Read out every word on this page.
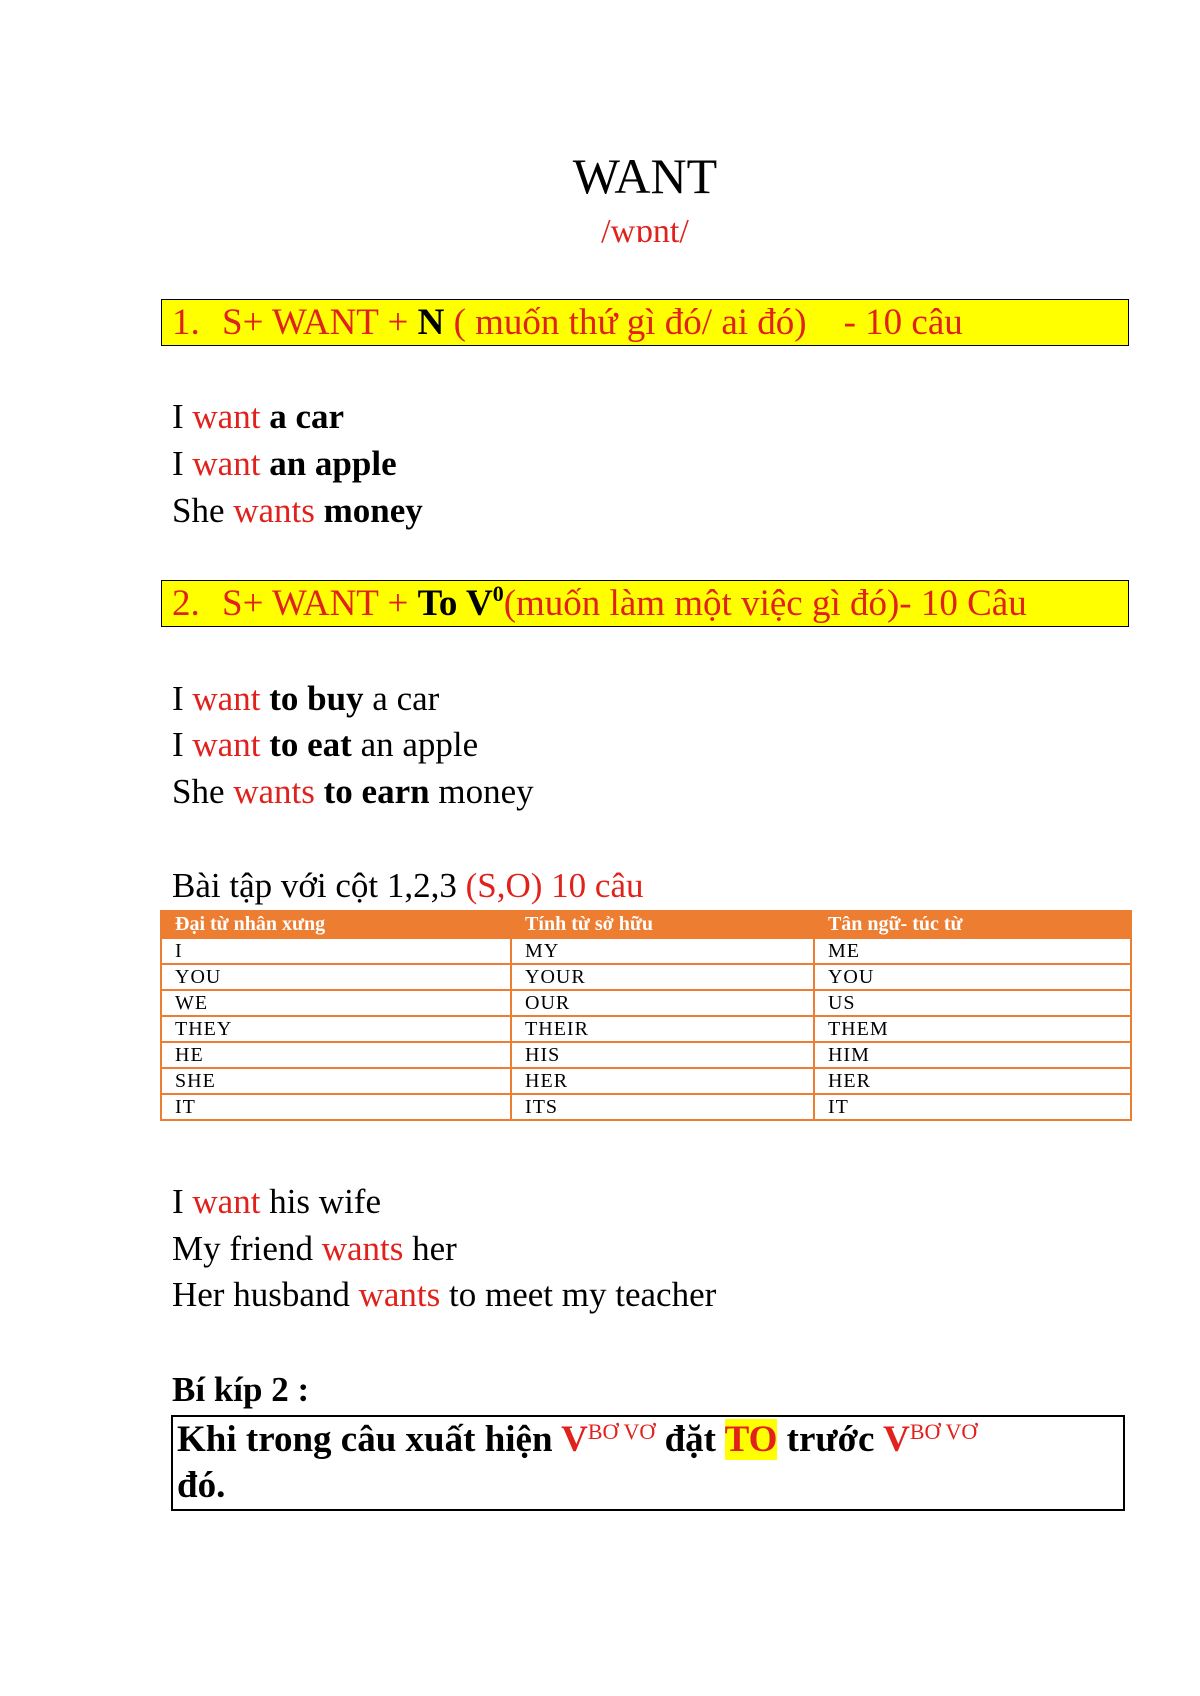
WANT
/wɒnt/
1. S+ WANT + N ( muốn thứ gì đó/ ai đó)    - 10 câu
I want a car
I want an apple
She wants money
2. S+ WANT + To $V^0(muốn$ làm một việc gì đó)- 10 Câu
I want to buy a car
I want to eat an apple
She wants to earn money
Bài tập với cột 1,2,3 (S,O) 10 câu
Đại từ nhân xưng	Tính từ sở hữu	Tân ngữ- túc từ
I	MY	ME
YOU	YOUR	YOU
WE	OUR	US
THEY	THEIR	THEM
HE	HIS	HIM
SHE	HER	HER
IT	ITS	IT
I want his wife
My friend wants her
Her husband wants to meet my teacher
Bí kíp 2 :
Khi trong câu xuất hiện $V^{BƠ VƠ}$ đặt TO trước $V^{BƠ VƠ}$
đó.
